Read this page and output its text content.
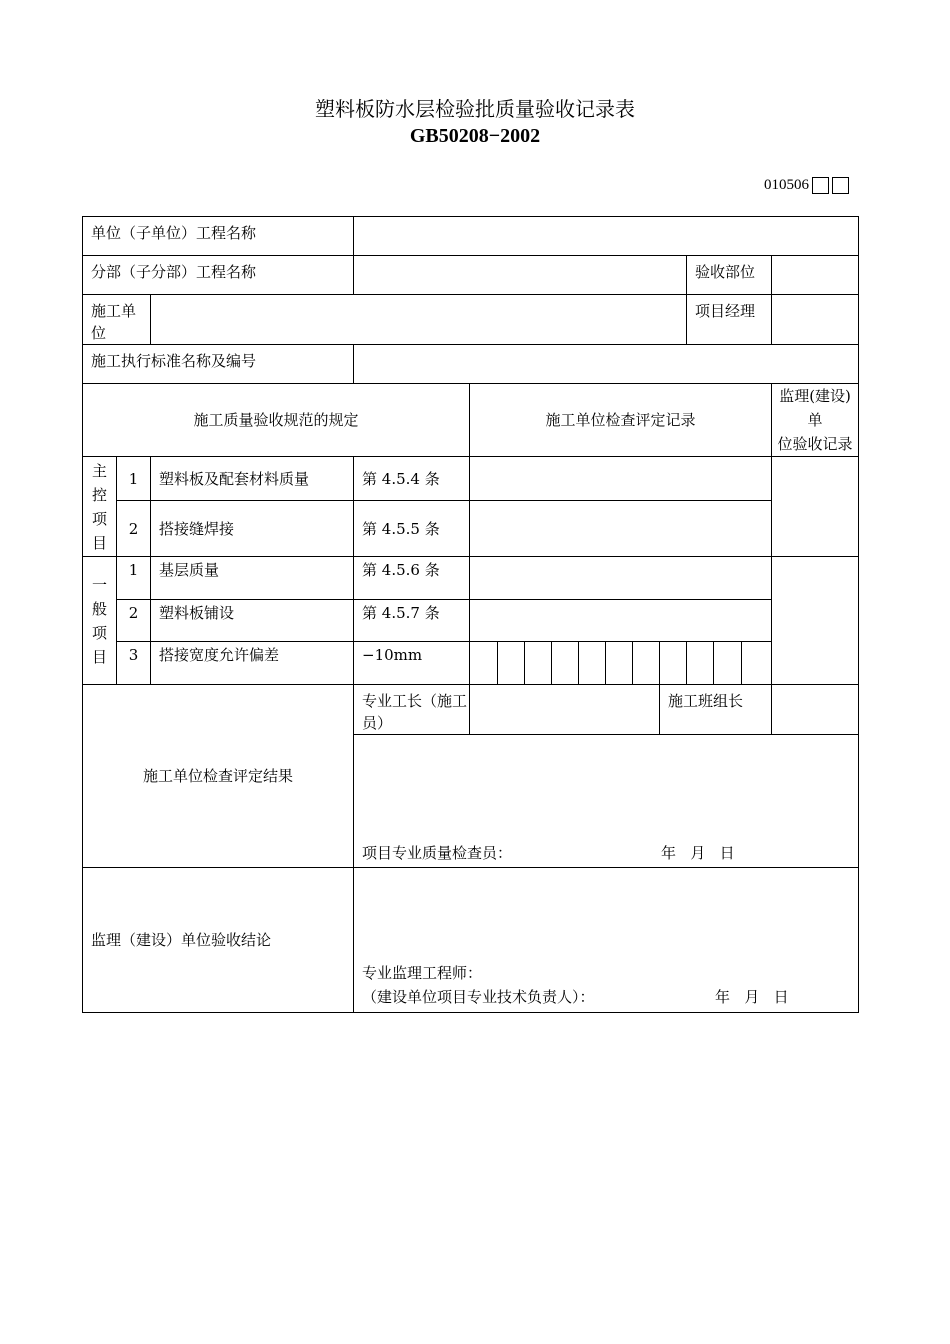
塑料板防水层检验批质量验收记录表
GB50208−2002
010506
单位（子单位）工程名称															
分部（子分部）工程名称												验收部位			
施工单位												项目经理			
施工执行标准名称及编号															
施工质量验收规范的规定				施工单位检查评定记录											监理(建设)单
位验收记录

主
控
项
目	1	塑料板及配套材料质量	第 4.5.4 条												
	2	搭接缝焊接	第 4.5.5 条												

一
般
项
目	1	基层质量	第 4.5.6 条												
	2	塑料板铺设	第 4.5.7 条												
	3	搭接宽度允许偏差	−10mm												
施工单位检查评定结果			专业工长（施工员）								施工班组长				

			项目专业质量检查员： 年   月   日												

监理（建设）单位验收结论			专业监理工程师：
（建设单位项目专业技术负责人）： 年   月   日												
